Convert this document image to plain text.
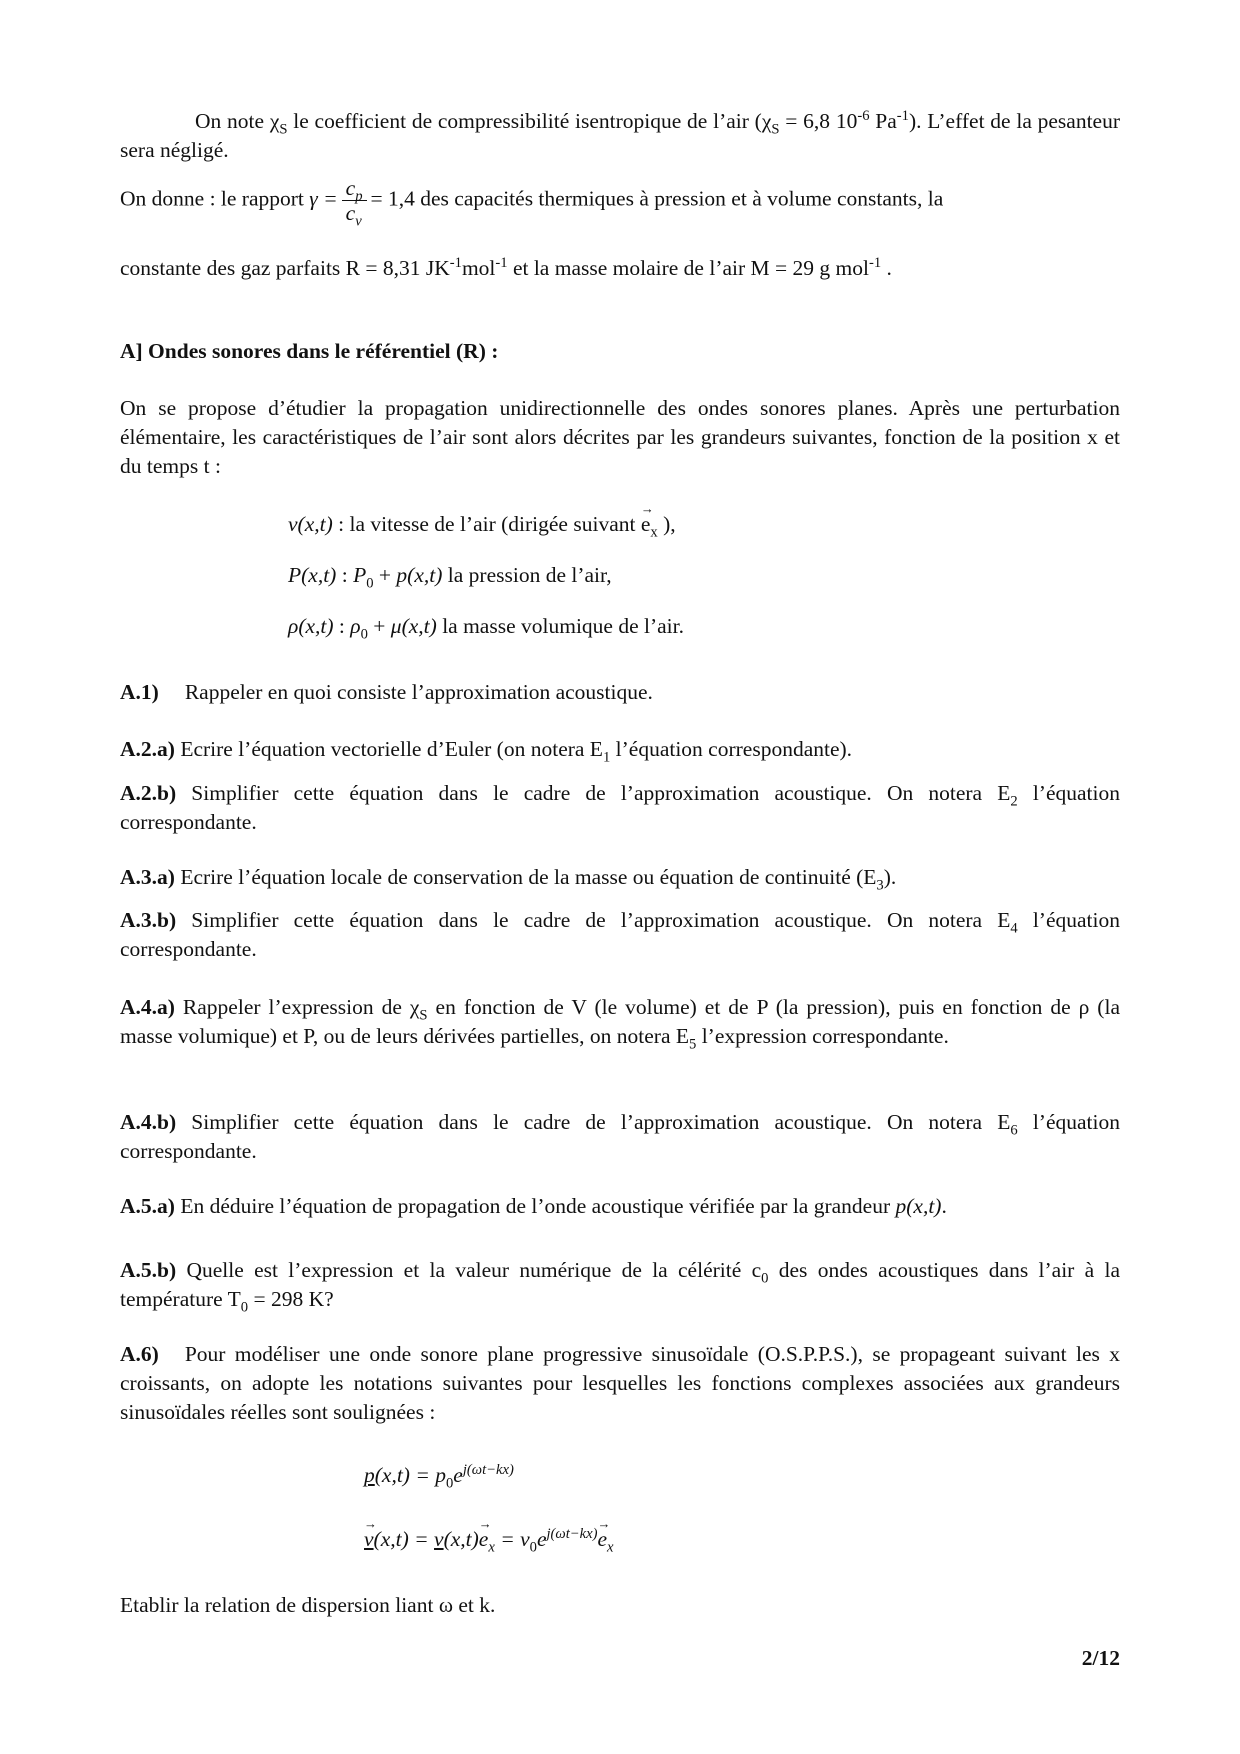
On note $\chi_S$ le coefficient de compressibilité isentropique de l’air ($\chi_S = 6,8$ $10^{-6}$ $Pa^{-1}$). L’effet de la pesanteur sera négligé.
On donne : le rapport $\gamma = \frac{c_p}{c_v} = 1,4$ des capacités thermiques à pression et à volume constants, la
constante des gaz parfaits R = 8,31 $JK^{-1}mol^{-1}$ et la masse molaire de l’air M = 29 g mol$^{-1}$ .
A] Ondes sonores dans le référentiel (R) :
On se propose d’étudier la propagation unidirectionnelle des ondes sonores planes. Après une perturbation élémentaire, les caractéristiques de l’air sont alors décrites par les grandeurs suivantes, fonction de la position x et du temps t :
v(x,t) : la vitesse de l’air (dirigée suivant → $e_x$ ),
P(x,t) : $P_0 + p(x,t)$ la pression de l’air,
ρ(x,t) : $\rho_0 + \mu(x,t)$ la masse volumique de l’air.
A.1) Rappeler en quoi consiste l’approximation acoustique.
A.2.a) Ecrire l’équation vectorielle d’Euler (on notera $E_1$ l’équation correspondante).
A.2.b) Simplifier cette équation dans le cadre de l’approximation acoustique. On notera $E_2$ l’équation correspondante.
A.3.a) Ecrire l’équation locale de conservation de la masse ou équation de continuité $(E_3)$.
A.3.b) Simplifier cette équation dans le cadre de l’approximation acoustique. On notera $E_4$ l’équation correspondante.
A.4.a) Rappeler l’expression de $\chi_S$ en fonction de V (le volume) et de P (la pression), puis en fonction de ρ (la masse volumique) et P, ou de leurs dérivées partielles, on notera $E_5$ l’expression correspondante.
A.4.b) Simplifier cette équation dans le cadre de l’approximation acoustique. On notera $E_6$ l’équation correspondante.
A.5.a) En déduire l’équation de propagation de l’onde acoustique vérifiée par la grandeur p(x,t).
A.5.b) Quelle est l’expression et la valeur numérique de la célérité $c_0$ des ondes acoustiques dans l’air à la température $T_0 = 298$ K?
A.6) Pour modéliser une onde sonore plane progressive sinusoïdale (O.S.P.P.S.), se propageant suivant les x croissants, on adopte les notations suivantes pour lesquelles les fonctions complexes associées aux grandeurs sinusoïdales réelles sont soulignées :
$p(x,t) = p_0e^{j(\omega t-kx)}$
→ $v(x,t) = v(x,t)\to e_x = v_0e^{j(\omega t-kx)}\to e_x$
Etablir la relation de dispersion liant ω et k.
2/12
